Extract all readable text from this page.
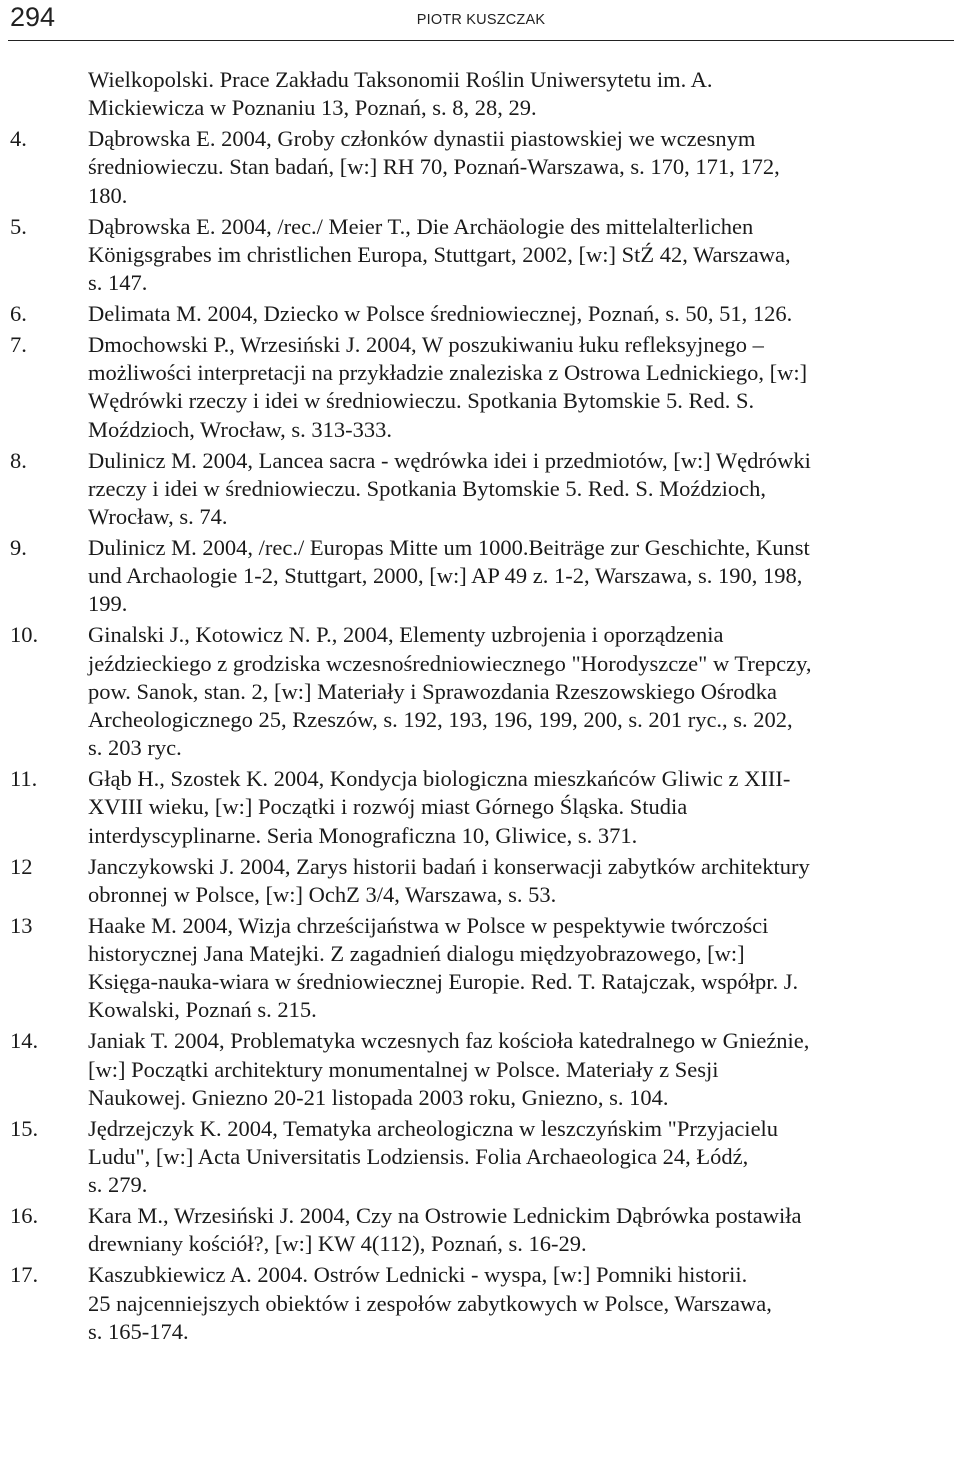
294	PIOTR KUSZCZAK
Wielkopolski. Prace Zakładu Taksonomii Roślin Uniwersytetu im. A.
Mickiewicza w Poznaniu 13, Poznań, s. 8, 28, 29.
4.	Dąbrowska E. 2004, Groby członków dynastii piastowskiej we wczesnym
średniowieczu. Stan badań, [w:] RH 70, Poznań-Warszawa, s. 170, 171, 172,
180.
5.	Dąbrowska E. 2004, /rec./ Meier T., Die Archäologie des mittelalterlichen
Königsgrabes im christlichen Europa, Stuttgart, 2002, [w:] StŹ 42, Warszawa,
s. 147.
6.	Delimata M. 2004, Dziecko w Polsce średniowiecznej, Poznań, s. 50, 51, 126.
7.	Dmochowski P., Wrzesiński J. 2004, W poszukiwaniu łuku refleksyjnego –
możliwości interpretacji na przykładzie znaleziska z Ostrowa Lednickiego, [w:]
Wędrówki rzeczy i idei w średniowieczu. Spotkania Bytomskie 5. Red. S.
Moździoch, Wrocław, s. 313-333.
8.	Dulinicz M. 2004, Lancea sacra - wędrówka idei i przedmiotów, [w:] Wędrówki
rzeczy i idei w średniowieczu. Spotkania Bytomskie 5. Red. S. Moździoch,
Wrocław, s. 74.
9.	Dulinicz M. 2004, /rec./ Europas Mitte um 1000.Beiträge zur Geschichte, Kunst
und Archaologie 1-2, Stuttgart, 2000, [w:] AP 49 z. 1-2, Warszawa, s. 190, 198,
199.
10. Ginalski J., Kotowicz N. P., 2004, Elementy uzbrojenia i oporządzenia
jeździeckiego z grodziska wczesnośredniowiecznego "Horodyszcze" w Trepczy,
pow. Sanok, stan. 2, [w:] Materiały i Sprawozdania Rzeszowskiego Ośrodka
Archeologicznego 25, Rzeszów, s. 192, 193, 196, 199, 200, s. 201 ryc., s. 202,
s. 203 ryc.
11. Głąb H., Szostek K. 2004, Kondycja biologiczna mieszkańców Gliwic z XIII-
XVIII wieku, [w:] Początki i rozwój miast Górnego Śląska. Studia
interdyscyplinarne. Seria Monograficzna 10, Gliwice, s. 371.
12 Janczykowski J. 2004, Zarys historii badań i konserwacji zabytków architektury
obronnej w Polsce, [w:] OchZ 3/4, Warszawa, s. 53.
13 Haake M. 2004, Wizja chrześcijaństwa w Polsce w pespektywie twórczości
historycznej Jana Matejki. Z zagadnień dialogu międzyobrazowego, [w:]
Księga-nauka-wiara w średniowiecznej Europie. Red. T. Ratajczak, współpr. J.
Kowalski, Poznań s. 215.
14. Janiak T. 2004, Problematyka wczesnych faz kościoła katedralnego w Gnieźnie,
[w:] Początki architektury monumentalnej w Polsce. Materiały z Sesji
Naukowej. Gniezno 20-21 listopada 2003 roku, Gniezno, s. 104.
15. Jędrzejczyk K. 2004, Tematyka archeologiczna w leszczyńskim "Przyjacielu
Ludu", [w:] Acta Universitatis Lodziensis. Folia Archaeologica 24, Łódź,
s. 279.
16. Kara M., Wrzesiński J. 2004, Czy na Ostrowie Lednickim Dąbrówka postawiła
drewniany kościół?, [w:] KW 4(112), Poznań, s. 16-29.
17. Kaszubkiewicz A. 2004. Ostrów Lednicki - wyspa, [w:] Pomniki historii.
25 najcenniejszych obiektów i zespołów zabytkowych w Polsce, Warszawa,
s. 165-174.
